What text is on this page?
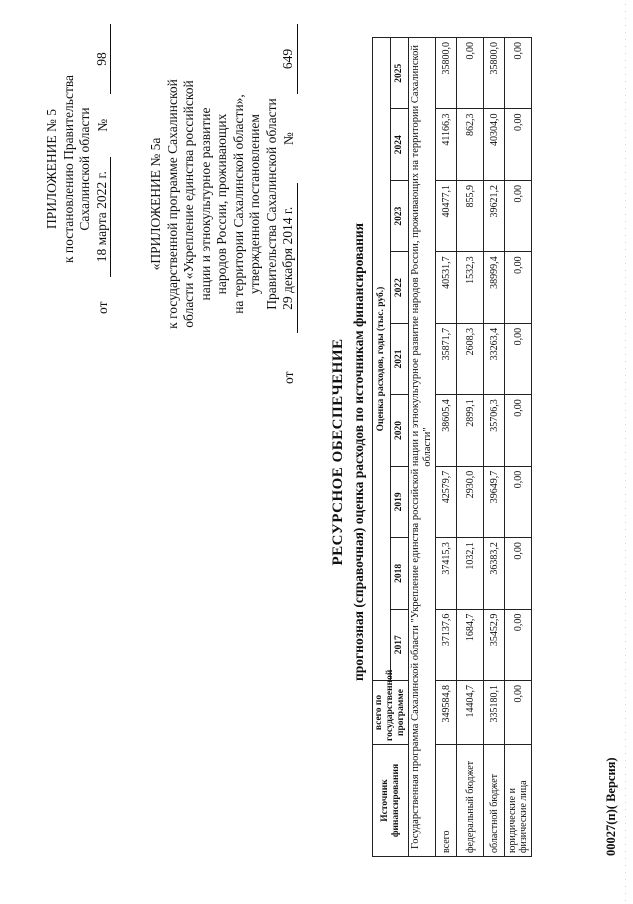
ПРИЛОЖЕНИЕ № 5 к постановлению Правительства Сахалинской области
от
18 марта 2022 г.
№
98
«ПРИЛОЖЕНИЕ № 5а к государственной программе Сахалинской области «Укрепление единства российской нации и этнокультурное развитие народов России, проживающих на территории Сахалинской области», утвержденной постановлением Правительства Сахалинской области
от
29 декабря 2014 г.
№
649
РЕСУРСНОЕ ОБЕСПЕЧЕНИЕ прогнозная (справочная) оценка расходов по источникам финансирования
Источник финансирования	всего по государственной программе	Оценка расходов, годы (тыс. руб.)								
		2017	2018	2019	2020	2021	2022	2023	2024	2025
Государственная программа Сахалинской области "Укрепление единства российской нации и этнокультурное развитие народов России, проживающих на территории Сахалинской области"										
всего	349584,8	37137,6	37415,3	42579,7	38605,4	35871,7	40531,7	40477,1	41166,3	35800,0
федеральный бюджет	14404,7	1684,7	1032,1	2930,0	2899,1	2608,3	1532,3	855,9	862,3	0,00
областной бюджет	335180,1	35452,9	36383,2	39649,7	35706,3	33263,4	38999,4	39621,2	40304,0	35800,0
юридические и физические лица	0,00	0,00	0,00	0,00	0,00	0,00	0,00	0,00	0,00	0,00
00027(п)( Версия)
